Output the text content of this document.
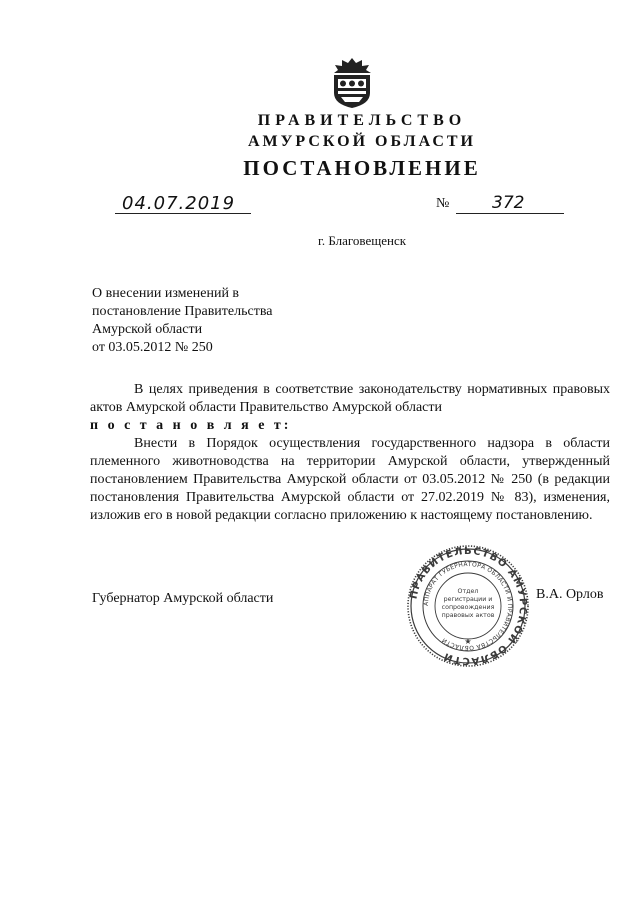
ПРАВИТЕЛЬСТВО
АМУРСКОЙ ОБЛАСТИ
ПОСТАНОВЛЕНИЕ
04.07.2019	№	372
г. Благовещенск
О внесении изменений в
постановление Правительства
Амурской области
от 03.05.2012 № 250

В целях приведения в соответствие законодательству нормативных правовых актов Амурской области Правительство Амурской области

п о с т а н о в л я е т:

Внести в Порядок осуществления государственного надзора в области племенного животноводства на территории Амурской области, утвержденный постановлением Правительства Амурской области от 03.05.2012 № 250 (в редакции постановления Правительства Амурской области от 27.02.2019 № 83), изменения, изложив его в новой редакции согласно приложению к настоящему постановлению.

Губернатор Амурской области	В.А. Орлов
ПРАВИТЕЛЬСТВО АМУРСКОЙ ОБЛАСТИ
АППАРАТ ГУБЕРНАТОРА ОБЛАСТИ И ПРАВИТЕЛЬСТВА ОБЛАСТИ
Отдел регистрации и сопровождения правовых актов
★
